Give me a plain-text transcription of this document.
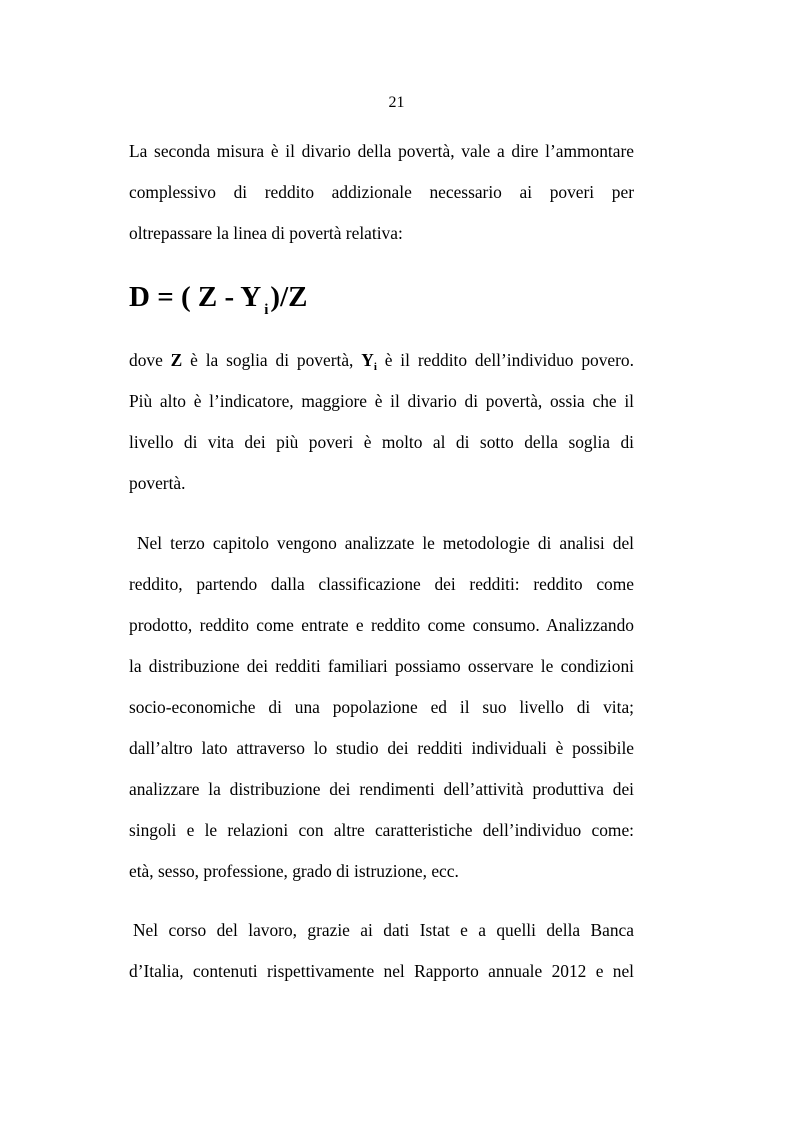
21
La seconda misura è il divario della povertà, vale a dire l’ammontare
complessivo di reddito addizionale necessario ai poveri per
oltrepassare la linea di povertà relativa:
D = ( Z - Y $_i$)/Z
dove Z è la soglia di povertà, $Y_i$ è il reddito dell’individuo povero.
Più alto è l’indicatore, maggiore è il divario di povertà, ossia che il
livello di vita dei più poveri è molto al di sotto della soglia di
povertà.
Nel terzo capitolo vengono analizzate le metodologie di analisi del
reddito, partendo dalla classificazione dei redditi: reddito come
prodotto, reddito come entrate e reddito come consumo. Analizzando
la distribuzione dei redditi familiari possiamo osservare le condizioni
socio-economiche di una popolazione ed il suo livello di vita;
dall’altro lato attraverso lo studio dei redditi individuali è possibile
analizzare la distribuzione dei rendimenti dell’attività produttiva dei
singoli e le relazioni con altre caratteristiche dell’individuo come:
età, sesso, professione, grado di istruzione, ecc.
Nel corso del lavoro, grazie ai dati Istat e a quelli della Banca
d’Italia, contenuti rispettivamente nel Rapporto annuale 2012 e nel
